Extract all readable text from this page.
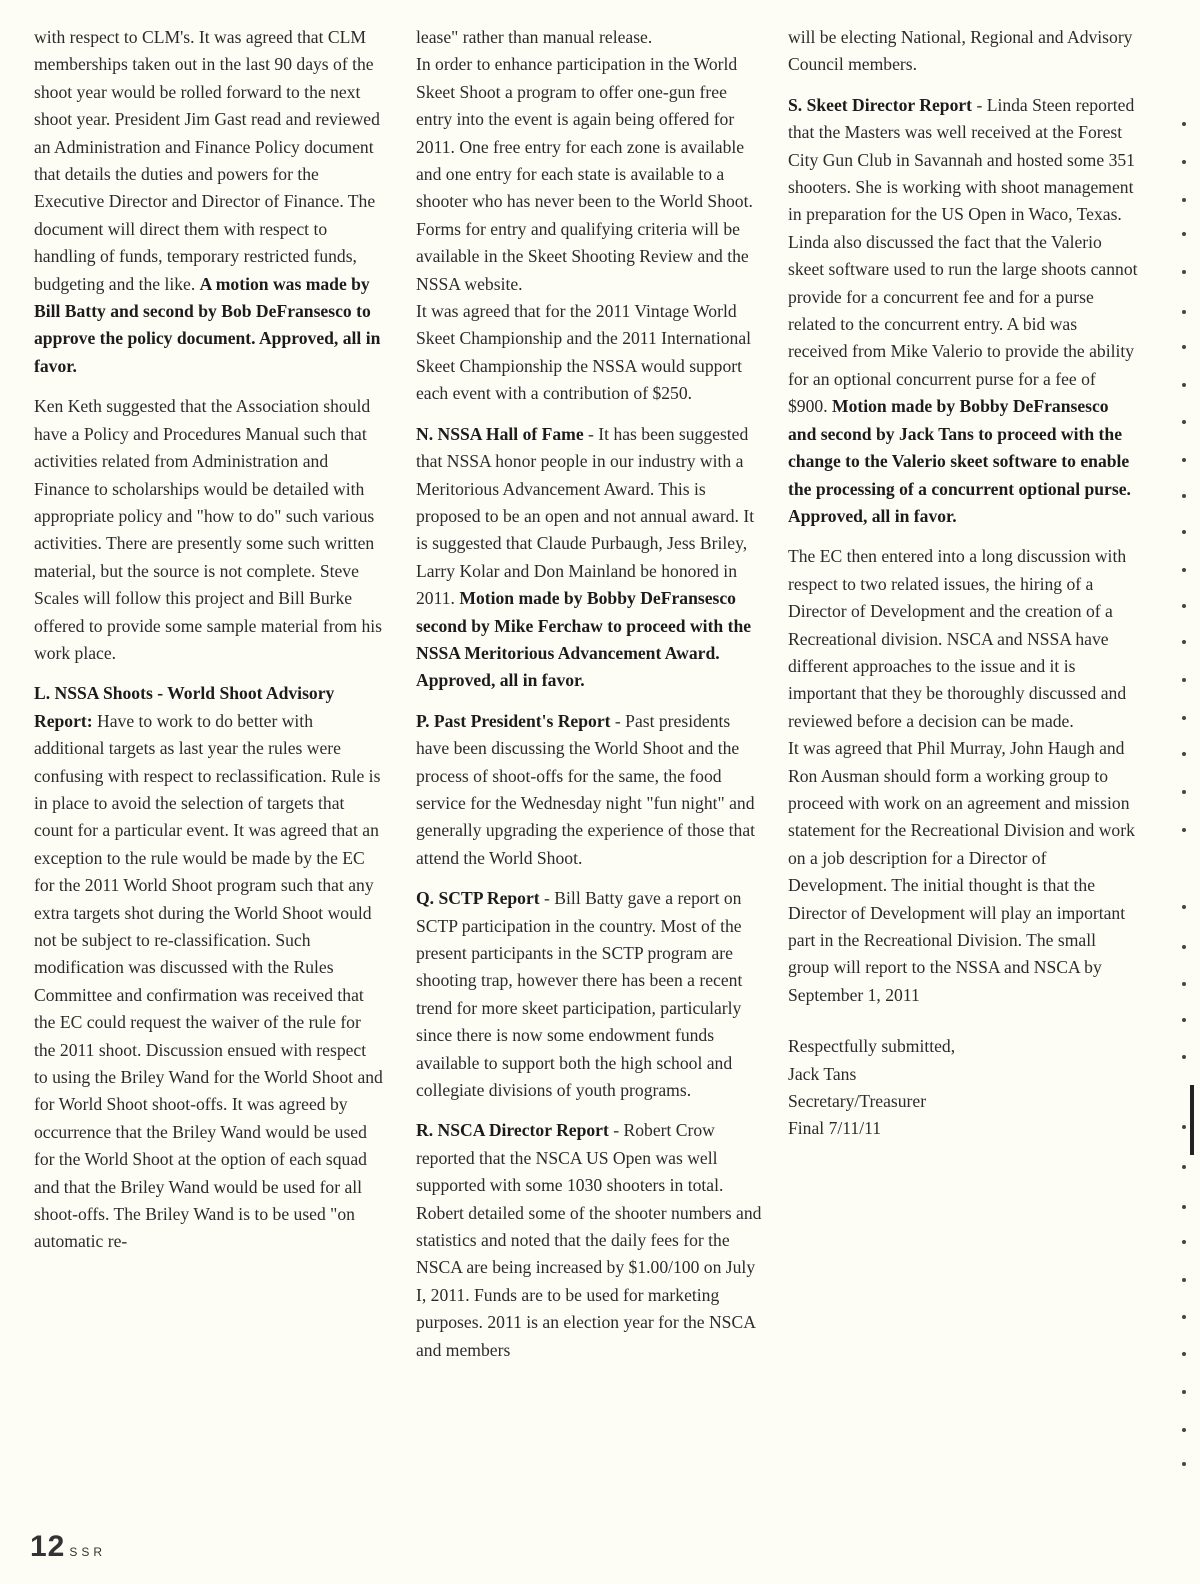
with respect to CLM's. It was agreed that CLM memberships taken out in the last 90 days of the shoot year would be rolled forward to the next shoot year. President Jim Gast read and reviewed an Administration and Finance Policy document that details the duties and powers for the Executive Director and Director of Finance. The document will direct them with respect to handling of funds, temporary restricted funds, budgeting and the like. A motion was made by Bill Batty and second by Bob DeFransesco to approve the policy document. Approved, all in favor.

Ken Keth suggested that the Association should have a Policy and Procedures Manual such that activities related from Administration and Finance to scholarships would be detailed with appropriate policy and "how to do" such various activities. There are presently some such written material, but the source is not complete. Steve Scales will follow this project and Bill Burke offered to provide some sample material from his work place.

L. NSSA Shoots - World Shoot Advisory Report: Have to work to do better with additional targets as last year the rules were confusing with respect to reclassification. Rule is in place to avoid the selection of targets that count for a particular event. It was agreed that an exception to the rule would be made by the EC for the 2011 World Shoot program such that any extra targets shot during the World Shoot would not be subject to re-classification. Such modification was discussed with the Rules Committee and confirmation was received that the EC could request the waiver of the rule for the 2011 shoot. Discussion ensued with respect to using the Briley Wand for the World Shoot and for World Shoot shoot-offs. It was agreed by occurrence that the Briley Wand would be used for the World Shoot at the option of each squad and that the Briley Wand would be used for all shoot-offs. The Briley Wand is to be used "on automatic re-

lease" rather than manual release.

In order to enhance participation in the World Skeet Shoot a program to offer one-gun free entry into the event is again being offered for 2011. One free entry for each zone is available and one entry for each state is available to a shooter who has never been to the World Shoot. Forms for entry and qualifying criteria will be available in the Skeet Shooting Review and the NSSA website.

It was agreed that for the 2011 Vintage World Skeet Championship and the 2011 International Skeet Championship the NSSA would support each event with a contribution of $250.

N. NSSA Hall of Fame - It has been suggested that NSSA honor people in our industry with a Meritorious Advancement Award. This is proposed to be an open and not annual award. It is suggested that Claude Purbaugh, Jess Briley, Larry Kolar and Don Mainland be honored in 2011. Motion made by Bobby DeFransesco second by Mike Ferchaw to proceed with the NSSA Meritorious Advancement Award. Approved, all in favor.

P. Past President's Report - Past presidents have been discussing the World Shoot and the process of shoot-offs for the same, the food service for the Wednesday night "fun night" and generally upgrading the experience of those that attend the World Shoot.

Q. SCTP Report - Bill Batty gave a report on SCTP participation in the country. Most of the present participants in the SCTP program are shooting trap, however there has been a recent trend for more skeet participation, particularly since there is now some endowment funds available to support both the high school and collegiate divisions of youth programs.

R. NSCA Director Report - Robert Crow reported that the NSCA US Open was well supported with some 1030 shooters in total. Robert detailed some of the shooter numbers and statistics and noted that the daily fees for the NSCA are being increased by $1.00/100 on July I, 2011. Funds are to be used for marketing purposes. 2011 is an election year for the NSCA and members

will be electing National, Regional and Advisory Council members.

S. Skeet Director Report - Linda Steen reported that the Masters was well received at the Forest City Gun Club in Savannah and hosted some 351 shooters. She is working with shoot management in preparation for the US Open in Waco, Texas.

Linda also discussed the fact that the Valerio skeet software used to run the large shoots cannot provide for a concurrent fee and for a purse related to the concurrent entry. A bid was received from Mike Valerio to provide the ability for an optional concurrent purse for a fee of $900. Motion made by Bobby DeFransesco and second by Jack Tans to proceed with the change to the Valerio skeet software to enable the processing of a concurrent optional purse. Approved, all in favor.

The EC then entered into a long discussion with respect to two related issues, the hiring of a Director of Development and the creation of a Recreational division. NSCA and NSSA have different approaches to the issue and it is important that they be thoroughly discussed and reviewed before a decision can be made.

It was agreed that Phil Murray, John Haugh and Ron Ausman should form a working group to proceed with work on an agreement and mission statement for the Recreational Division and work on a job description for a Director of Development. The initial thought is that the Director of Development will play an important part in the Recreational Division. The small group will report to the NSSA and NSCA by September 1, 2011

Respectfully submitted,

Jack Tans

Secretary/Treasurer

Final 7/11/11

12 SSR
